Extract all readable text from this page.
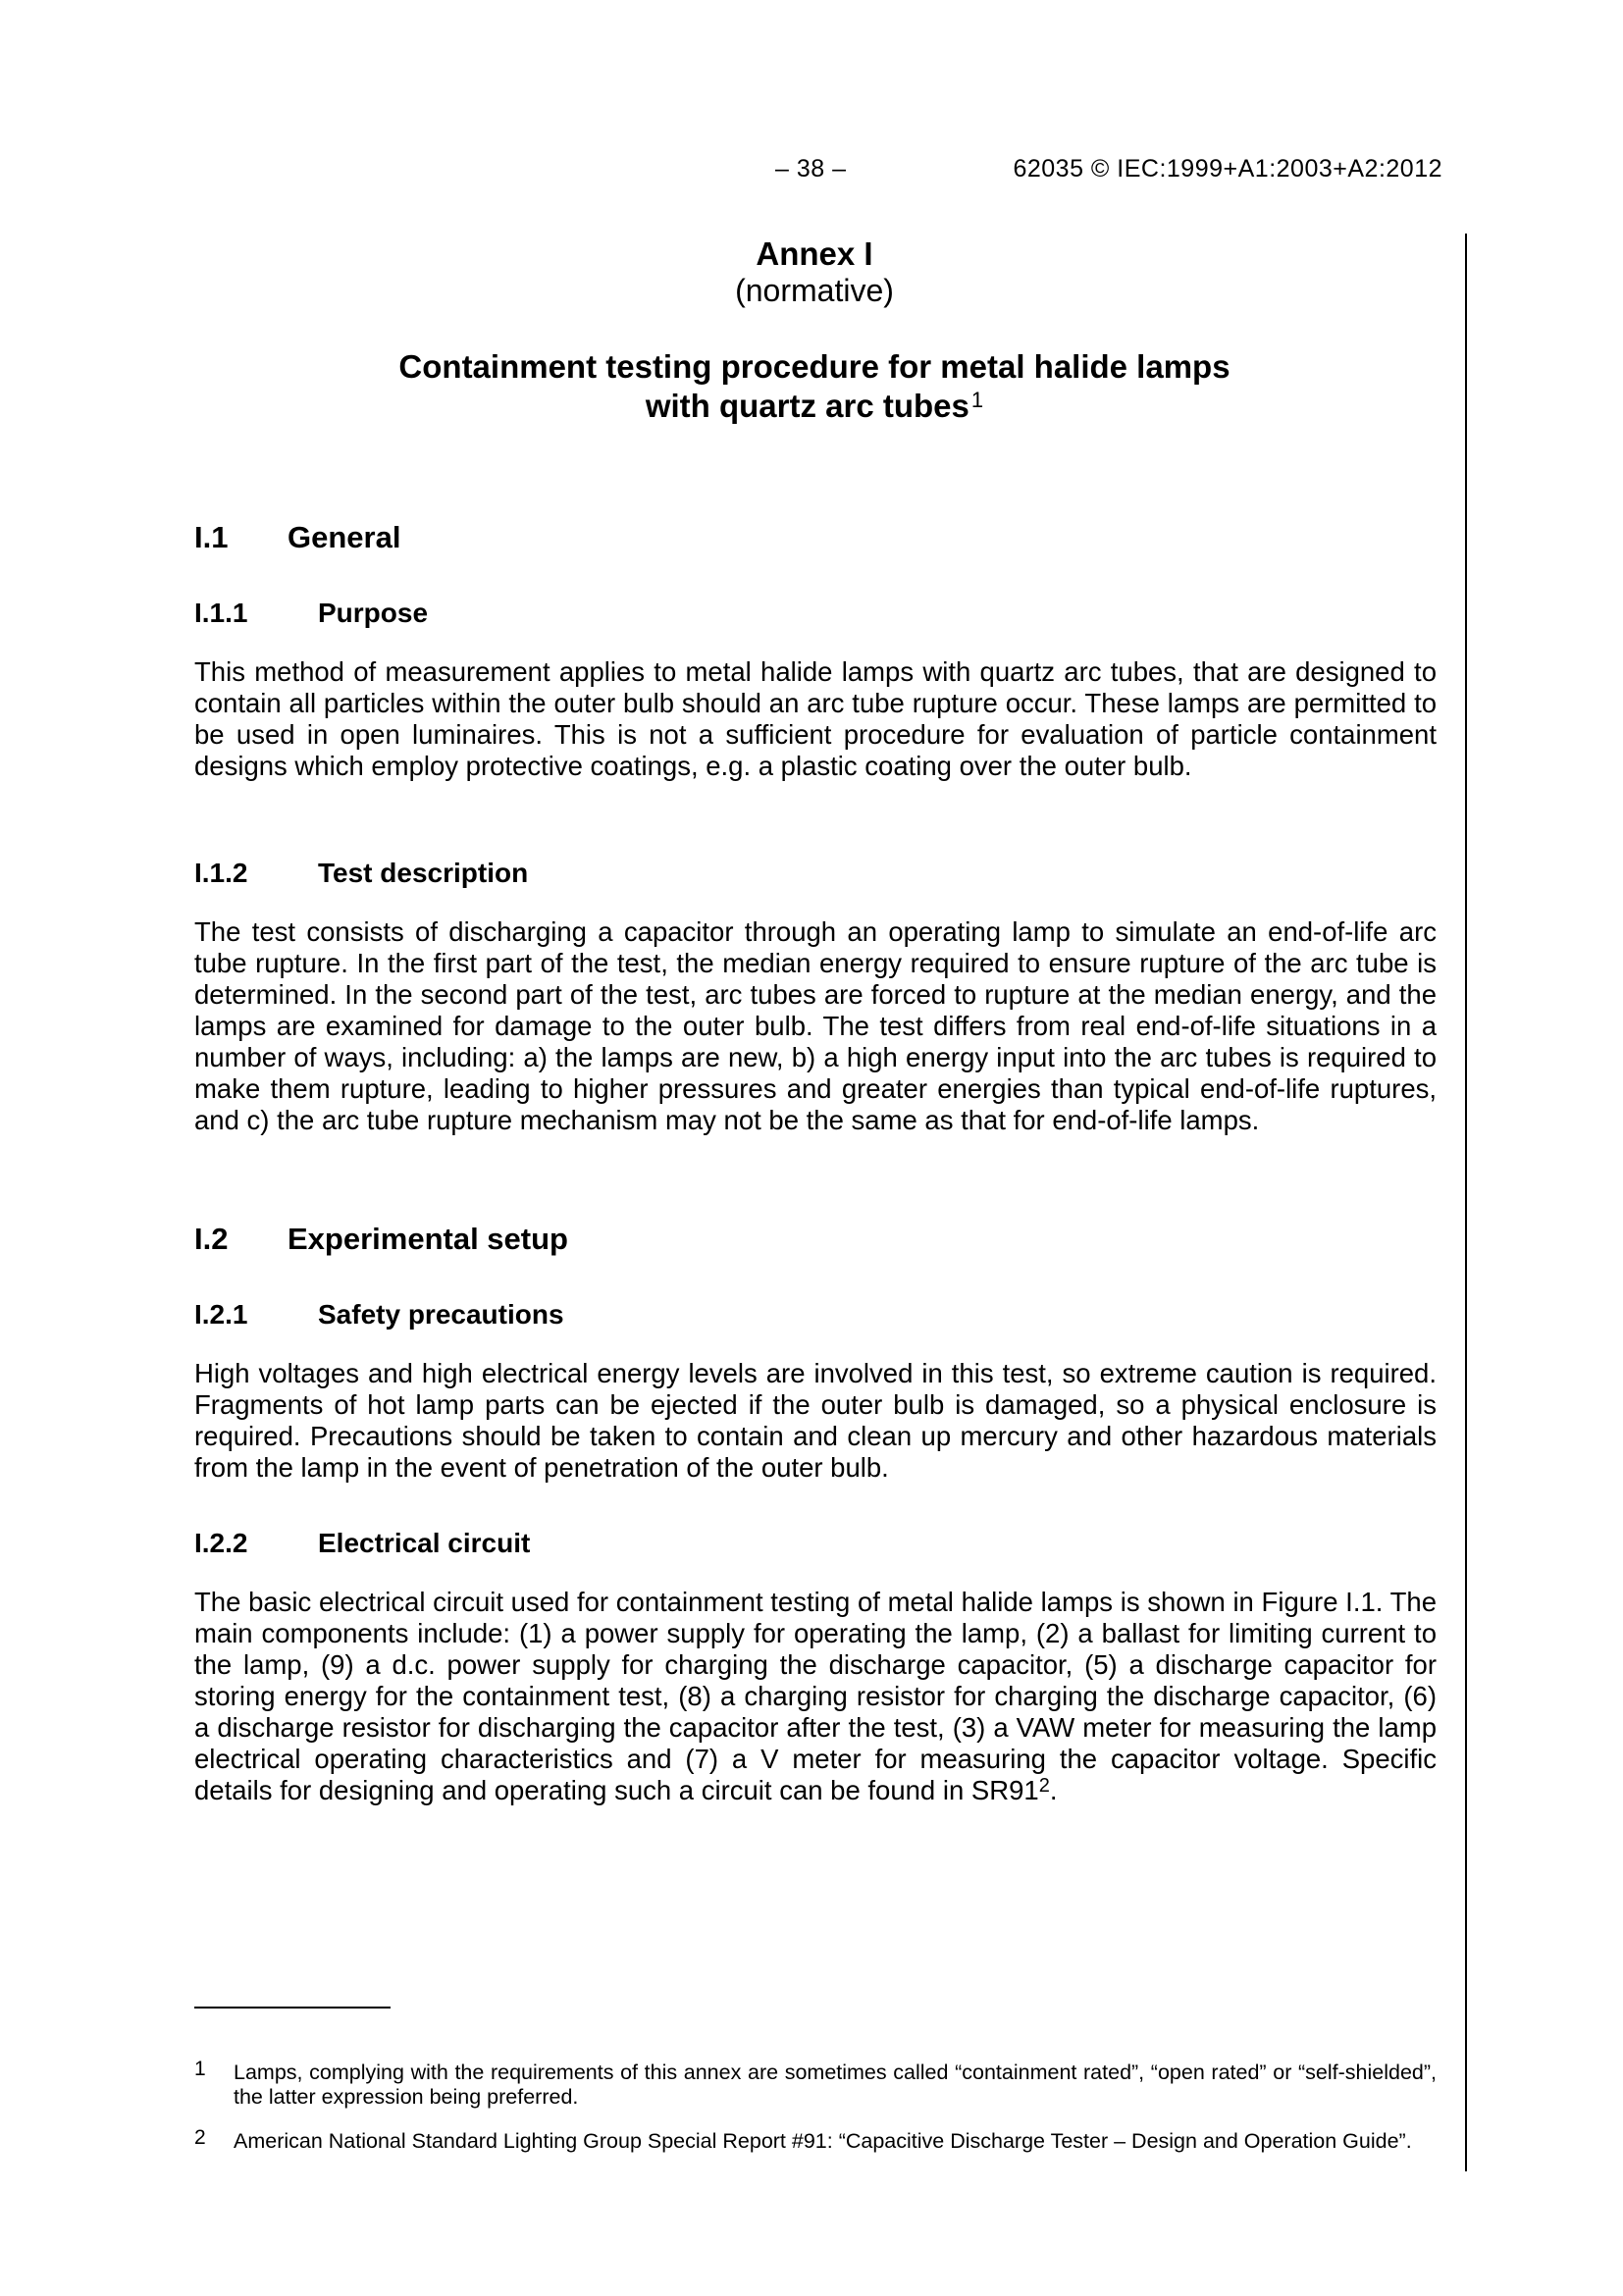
– 38 –	62035 © IEC:1999+A1:2003+A2:2012
Annex I
(normative)
Containment testing procedure for metal halide lamps
with quartz arc tubes$^1$
I.1 General
I.1.1	Purpose
This method of measurement applies to metal halide lamps with quartz arc tubes, that are designed to contain all particles within the outer bulb should an arc tube rupture occur. These lamps are permitted to be used in open luminaires. This is not a sufficient procedure for evaluation of particle containment designs which employ protective coatings, e.g. a plastic coating over the outer bulb.
I.1.2	Test description
The test consists of discharging a capacitor through an operating lamp to simulate an end-of-life arc tube rupture. In the first part of the test, the median energy required to ensure rupture of the arc tube is determined. In the second part of the test, arc tubes are forced to rupture at the median energy, and the lamps are examined for damage to the outer bulb. The test differs from real end-of-life situations in a number of ways, including: a) the lamps are new, b) a high energy input into the arc tubes is required to make them rupture, leading to higher pressures and greater energies than typical end-of-life ruptures, and c) the arc tube rupture mechanism may not be the same as that for end-of-life lamps.
I.2 Experimental setup
I.2.1	Safety precautions
High voltages and high electrical energy levels are involved in this test, so extreme caution is required. Fragments of hot lamp parts can be ejected if the outer bulb is damaged, so a physical enclosure is required. Precautions should be taken to contain and clean up mercury and other hazardous materials from the lamp in the event of penetration of the outer bulb.
I.2.2	Electrical circuit
The basic electrical circuit used for containment testing of metal halide lamps is shown in Figure I.1. The main components include: (1) a power supply for operating the lamp, (2) a ballast for limiting current to the lamp, (9) a d.c. power supply for charging the discharge capacitor, (5) a discharge capacitor for storing energy for the containment test, (8) a charging resistor for charging the discharge capacitor, (6) a discharge resistor for discharging the capacitor after the test, (3) a VAW meter for measuring the lamp electrical operating characteristics and (7) a V meter for measuring the capacitor voltage. Specific details for designing and operating such a circuit can be found in SR91$^2$.
1 Lamps, complying with the requirements of this annex are sometimes called “containment rated”, “open rated” or “self-shielded”, the latter expression being preferred.
2 American National Standard Lighting Group Special Report #91: “Capacitive Discharge Tester – Design and Operation Guide”.
